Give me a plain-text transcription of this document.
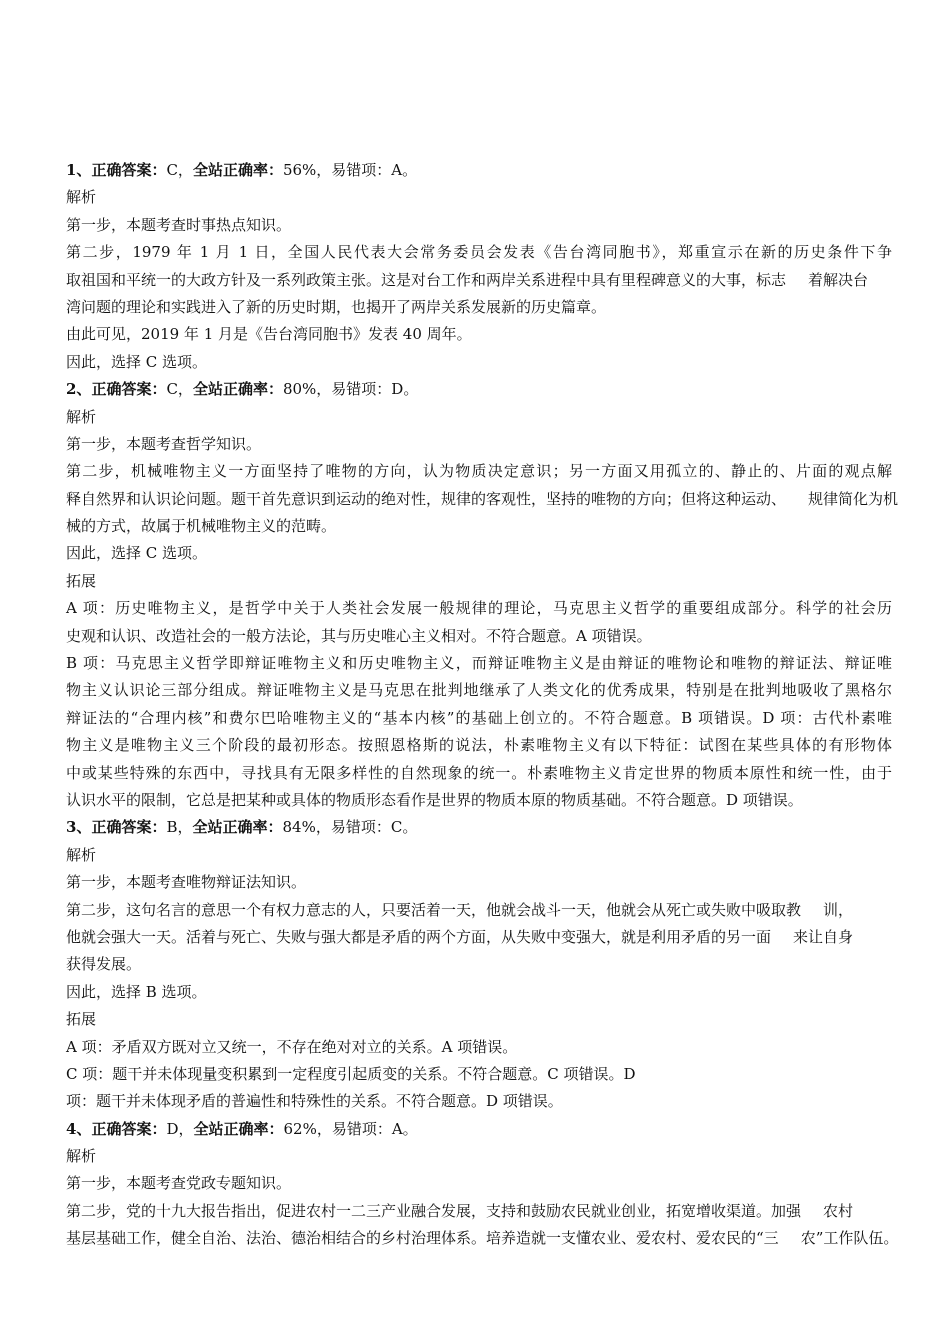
1、正确答案：C，全站正确率：56%，易错项：A。
解析
第一步，本题考查时事热点知识。
第二步，1979 年 1 月 1 日，全国人民代表大会常务委员会发表《告台湾同胞书》，郑重宣示在新的历史条件下争
取祖国和平统一的大政方针及一系列政策主张。这是对台工作和两岸关系进程中具有里程碑意义的大事，标志 着解决台
湾问题的理论和实践进入了新的历史时期，也揭开了两岸关系发展新的历史篇章。
由此可见，2019 年 1 月是《告台湾同胞书》发表 40 周年。
因此，选择 C 选项。
2、正确答案：C，全站正确率：80%，易错项：D。
解析
第一步，本题考查哲学知识。
第二步，机械唯物主义一方面坚持了唯物的方向，认为物质决定意识；另一方面又用孤立的、静止的、片面的观点解
释自然界和认识论问题。题干首先意识到运动的绝对性，规律的客观性，坚持的唯物的方向；但将这种运动、 规律简化为机
械的方式，故属于机械唯物主义的范畴。
因此，选择 C 选项。
拓展
A 项：历史唯物主义，是哲学中关于人类社会发展一般规律的理论，马克思主义哲学的重要组成部分。科学的社会历
史观和认识、改造社会的一般方法论，其与历史唯心主义相对。不符合题意。A 项错误。
B 项：马克思主义哲学即辩证唯物主义和历史唯物主义，而辩证唯物主义是由辩证的唯物论和唯物的辩证法、辩证唯
物主义认识论三部分组成。辩证唯物主义是马克思在批判地继承了人类文化的优秀成果，特别是在批判地吸收了黑格尔
辩证法的“合理内核”和费尔巴哈唯物主义的“基本内核”的基础上创立的。不符合题意。B 项错误。D 项：古代朴素唯
物主义是唯物主义三个阶段的最初形态。按照恩格斯的说法，朴素唯物主义有以下特征：试图在某些具体的有形物体
中或某些特殊的东西中，寻找具有无限多样性的自然现象的统一。朴素唯物主义肯定世界的物质本原性和统一性，由于
认识水平的限制，它总是把某种或具体的物质形态看作是世界的物质本原的物质基础。不符合题意。D 项错误。
3、正确答案：B，全站正确率：84%，易错项：C。
解析
第一步，本题考查唯物辩证法知识。
第二步，这句名言的意思一个有权力意志的人，只要活着一天，他就会战斗一天，他就会从死亡或失败中吸取教 训，
他就会强大一天。活着与死亡、失败与强大都是矛盾的两个方面，从失败中变强大，就是利用矛盾的另一面 来让自身
获得发展。
因此，选择 B 选项。
拓展
A 项：矛盾双方既对立又统一，不存在绝对对立的关系。A 项错误。
C 项：题干并未体现量变积累到一定程度引起质变的关系。不符合题意。C 项错误。D
项：题干并未体现矛盾的普遍性和特殊性的关系。不符合题意。D 项错误。
4、正确答案：D，全站正确率：62%，易错项：A。
解析
第一步，本题考查党政专题知识。
第二步，党的十九大报告指出，促进农村一二三产业融合发展，支持和鼓励农民就业创业，拓宽增收渠道。加强 农村
基层基础工作，健全自治、法治、德治相结合的乡村治理体系。培养造就一支懂农业、爱农村、爱农民的“三 农”工作队伍。
